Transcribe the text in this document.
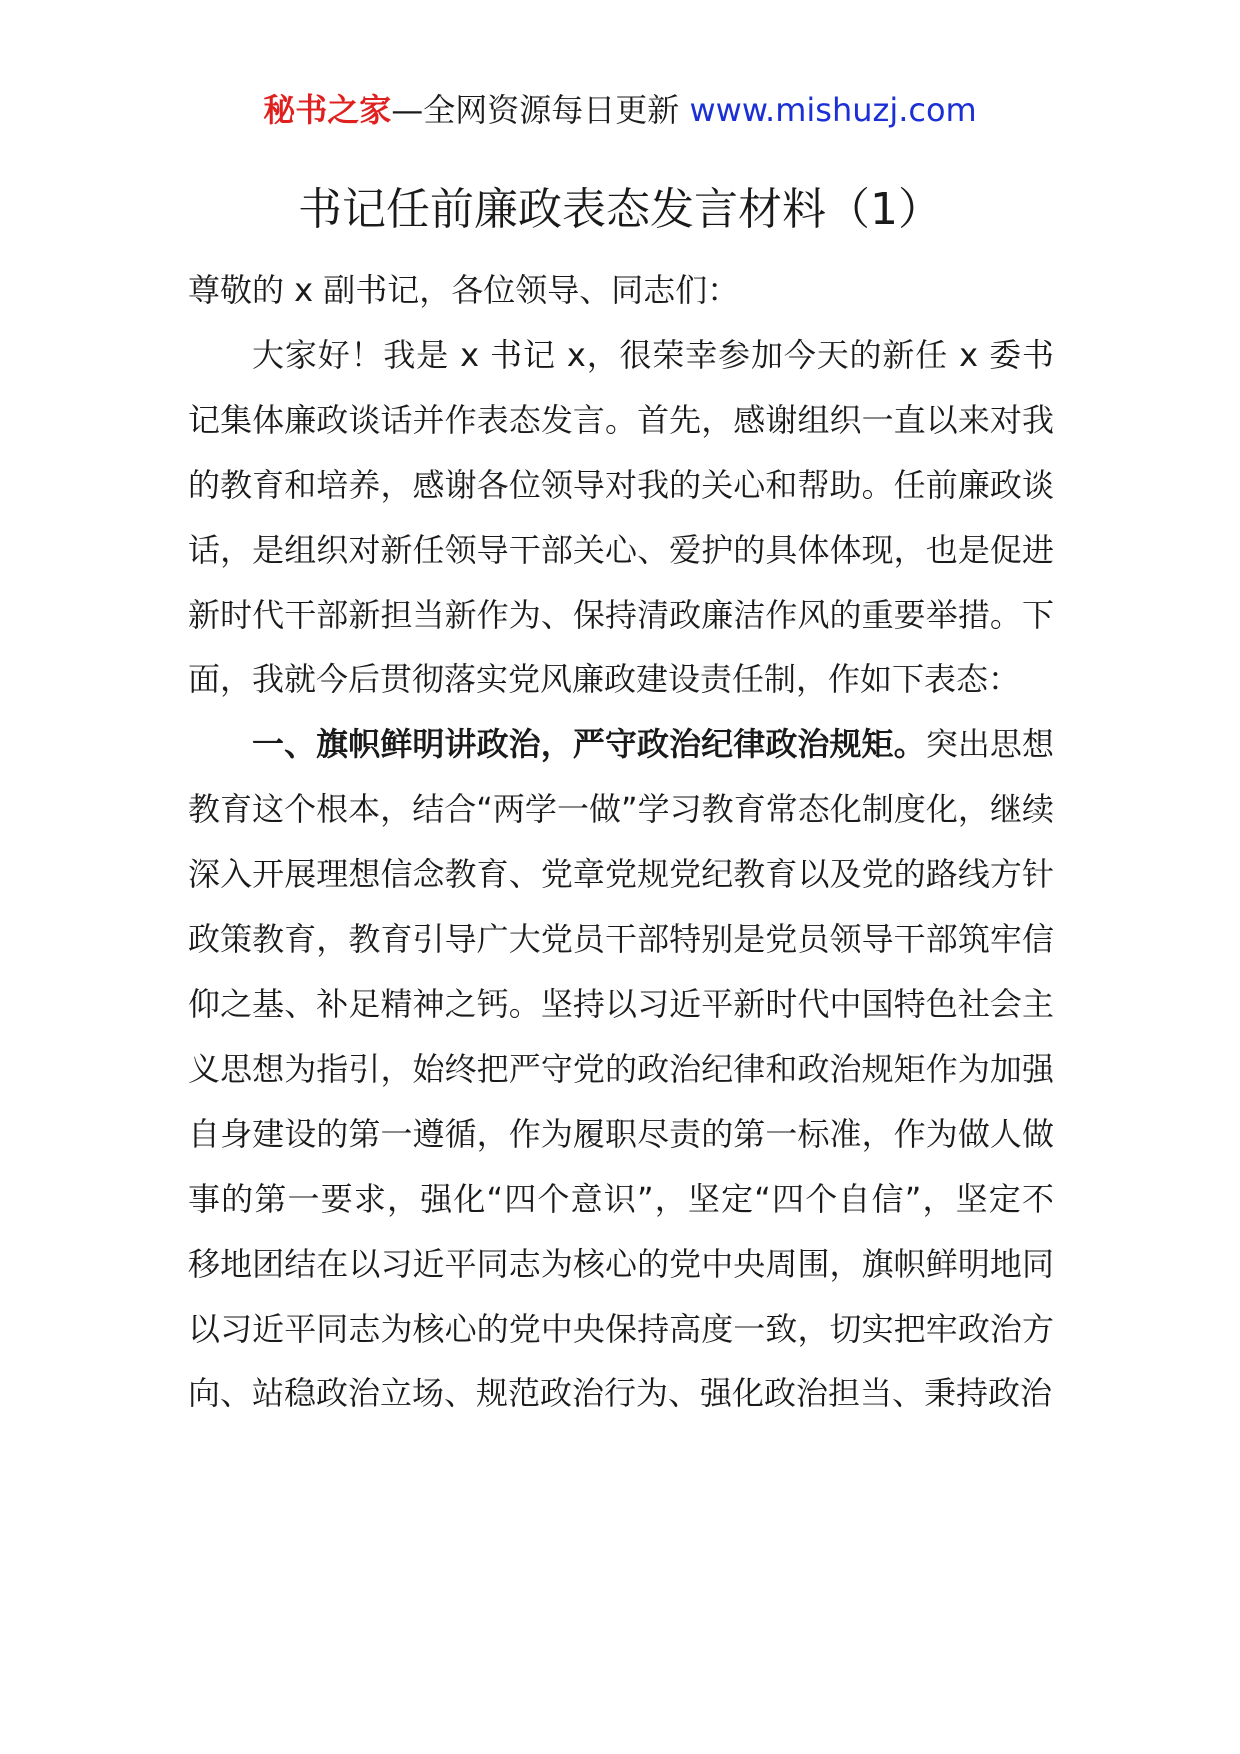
秘书之家—全网资源每日更新 www.mishuzj.com
书记任前廉政表态发言材料（1）

尊敬的 x 副书记，各位领导、同志们：

大家好！我是 x 书记 x，很荣幸参加今天的新任 x 委书记集体廉政谈话并作表态发言。首先，感谢组织一直以来对我的教育和培养，感谢各位领导对我的关心和帮助。任前廉政谈话，是组织对新任领导干部关心、爱护的具体体现，也是促进新时代干部新担当新作为、保持清政廉洁作风的重要举措。下面，我就今后贯彻落实党风廉政建设责任制，作如下表态：

一、旗帜鲜明讲政治，严守政治纪律政治规矩。突出思想教育这个根本，结合“两学一做”学习教育常态化制度化，继续深入开展理想信念教育、党章党规党纪教育以及党的路线方针政策教育，教育引导广大党员干部特别是党员领导干部筑牢信仰之基、补足精神之钙。坚持以习近平新时代中国特色社会主义思想为指引，始终把严守党的政治纪律和政治规矩作为加强自身建设的第一遵循，作为履职尽责的第一标准，作为做人做事的第一要求，强化“四个意识”，坚定“四个自信”，坚定不移地团结在以习近平同志为核心的党中央周围，旗帜鲜明地同以习近平同志为核心的党中央保持高度一致，切实把牢政治方向、站稳政治立场、规范政治行为、强化政治担当、秉持政治
